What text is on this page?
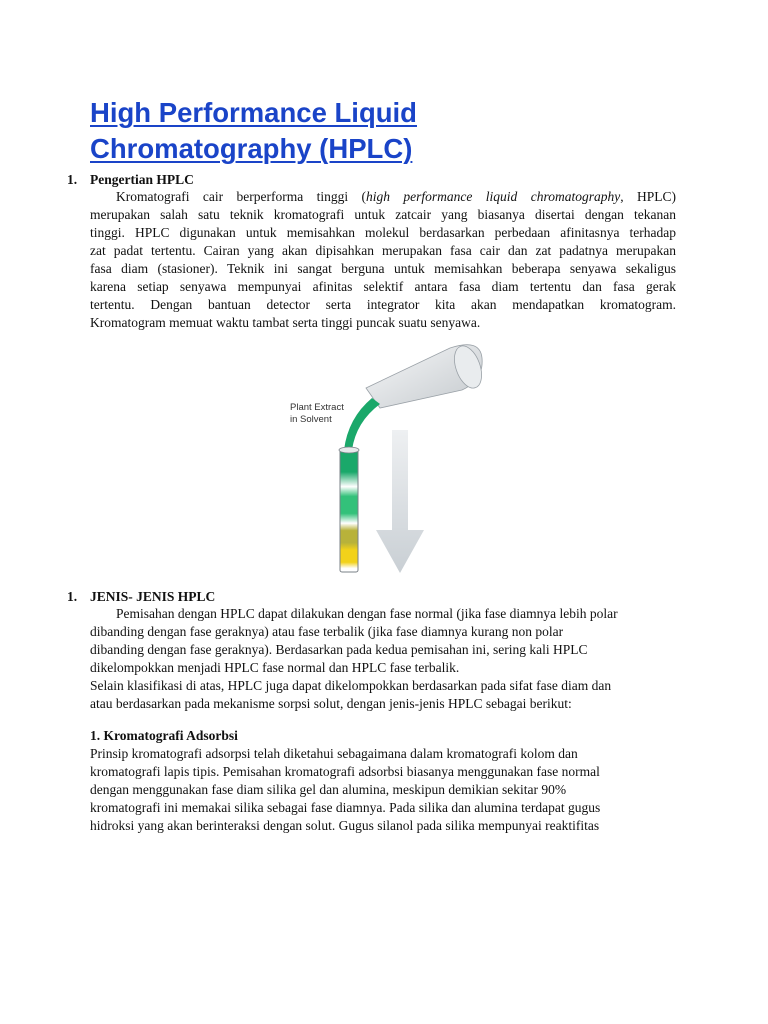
High Performance Liquid
Chromatography (HPLC)

1. Pengertian HPLC

Kromatografi cair berperforma tinggi (high performance liquid chromatography, HPLC)
merupakan salah satu teknik kromatografi untuk zatcair yang biasanya disertai dengan tekanan
tinggi. HPLC digunakan untuk memisahkan molekul berdasarkan perbedaan afinitasnya terhadap
zat padat tertentu. Cairan yang akan dipisahkan merupakan fasa cair dan zat padatnya merupakan
fasa diam (stasioner). Teknik ini sangat berguna untuk memisahkan beberapa senyawa sekaligus
karena setiap senyawa mempunyai afinitas selektif antara fasa diam tertentu dan fasa gerak
tertentu. Dengan bantuan detector serta integrator kita akan mendapatkan kromatogram.
Kromatogram memuat waktu tambat serta tinggi puncak suatu senyawa.
Plant Extract
in Solvent

1. JENIS- JENIS HPLC

Pemisahan dengan HPLC dapat dilakukan dengan fase normal (jika fase diamnya lebih polar
dibanding dengan fase geraknya) atau fase terbalik (jika fase diamnya kurang non polar
dibanding dengan fase geraknya). Berdasarkan pada kedua pemisahan ini, sering kali HPLC
dikelompokkan menjadi HPLC fase normal dan HPLC fase terbalik.
Selain klasifikasi di atas, HPLC juga dapat dikelompokkan berdasarkan pada sifat fase diam dan
atau berdasarkan pada mekanisme sorpsi solut, dengan jenis-jenis HPLC sebagai berikut:

1. Kromatografi Adsorbsi

Prinsip kromatografi adsorpsi telah diketahui sebagaimana dalam kromatografi kolom dan
kromatografi lapis tipis. Pemisahan kromatografi adsorbsi biasanya menggunakan fase normal
dengan menggunakan fase diam silika gel dan alumina, meskipun demikian sekitar 90%
kromatografi ini memakai silika sebagai fase diamnya. Pada silika dan alumina terdapat gugus
hidroksi yang akan berinteraksi dengan solut. Gugus silanol pada silika mempunyai reaktifitas
